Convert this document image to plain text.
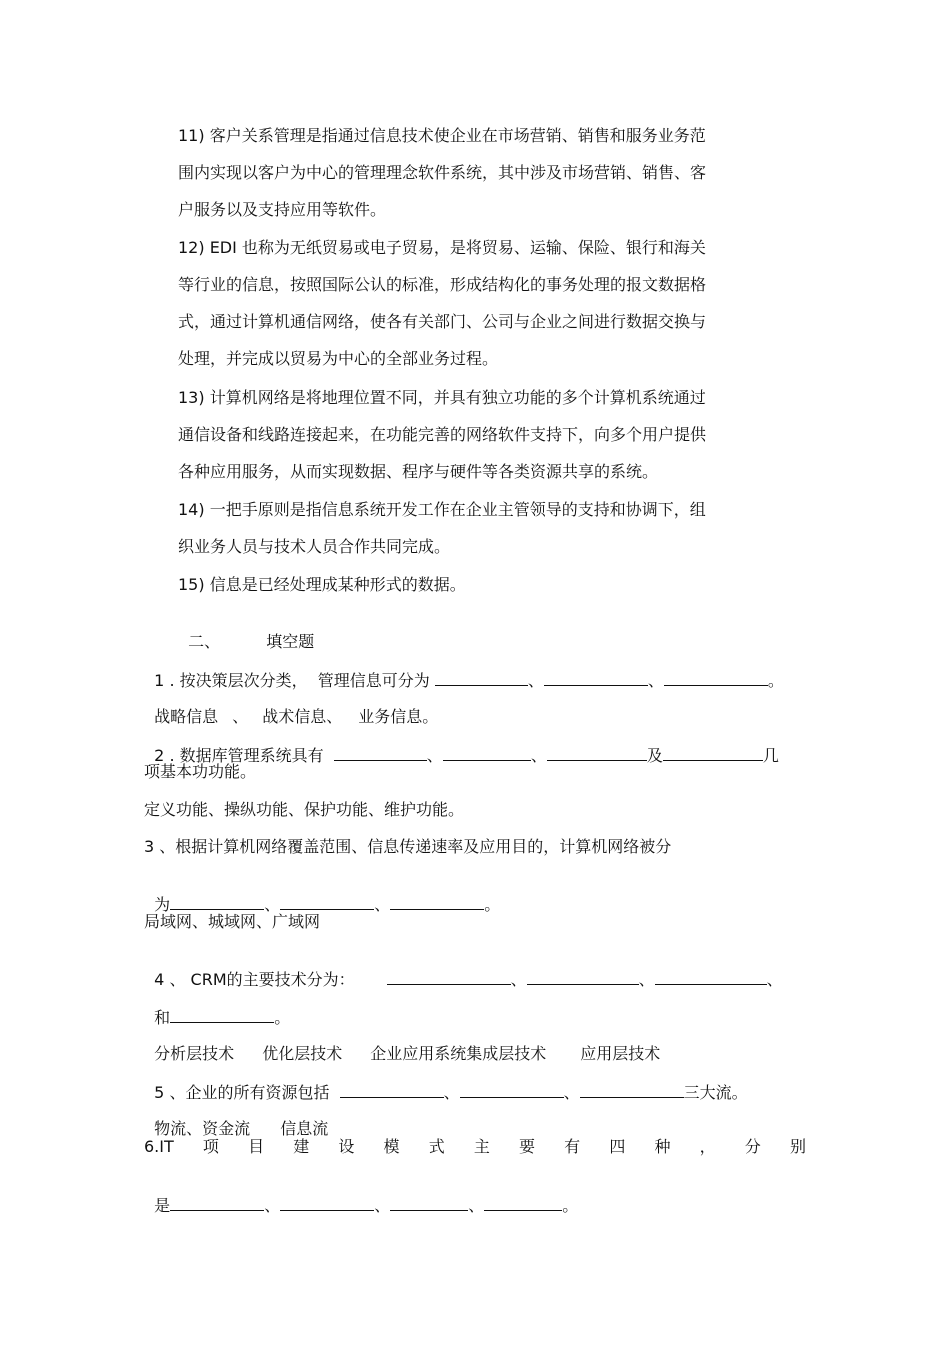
11) 客户关系管理是指通过信息技术使企业在市场营销、销售和服务业务范
围内实现以客户为中心的管理理念软件系统，其中涉及市场营销、销售、客
户服务以及支持应用等软件。
12) EDI 也称为无纸贸易或电子贸易，是将贸易、运输、保险、银行和海关
等行业的信息，按照国际公认的标准，形成结构化的事务处理的报文数据格
式，通过计算机通信网络，使各有关部门、公司与企业之间进行数据交换与
处理，并完成以贸易为中心的全部业务过程。
13) 计算机网络是将地理位置不同，并具有独立功能的多个计算机系统通过
通信设备和线路连接起来，在功能完善的网络软件支持下，向多个用户提供
各种应用服务，从而实现数据、程序与硬件等各类资源共享的系统。
14) 一把手原则是指信息系统开发工作在企业主管领导的支持和协调下，组
织业务人员与技术人员合作共同完成。
15) 信息是已经处理成某种形式的数据。

二、	填空题

1 . 按决策层次分类，  管理信息可分为	、	、	。

战略信息 、 战术信息、 业务信息。

2 . 数据库管理系统具有	、	、	及	几

项基本功功能。
定义功能、操纵功能、保护功能、维护功能。
3 、根据计算机网络覆盖范围、信息传递速率及应用目的，计算机网络被分

为	、	、	。

局域网、城域网、广域网

4 、 CRM的主要技术分为：	、	、	、

和	。

分析层技术 优化层技术 企业应用系统集成层技术 应用层技术

5 、企业的所有资源包括	、	、	三大流。

物流、资金流 信息流

6.IT 项 目 建 设 模 式 主 要 有 四 种 ， 分 别

是	、	、	、	。
